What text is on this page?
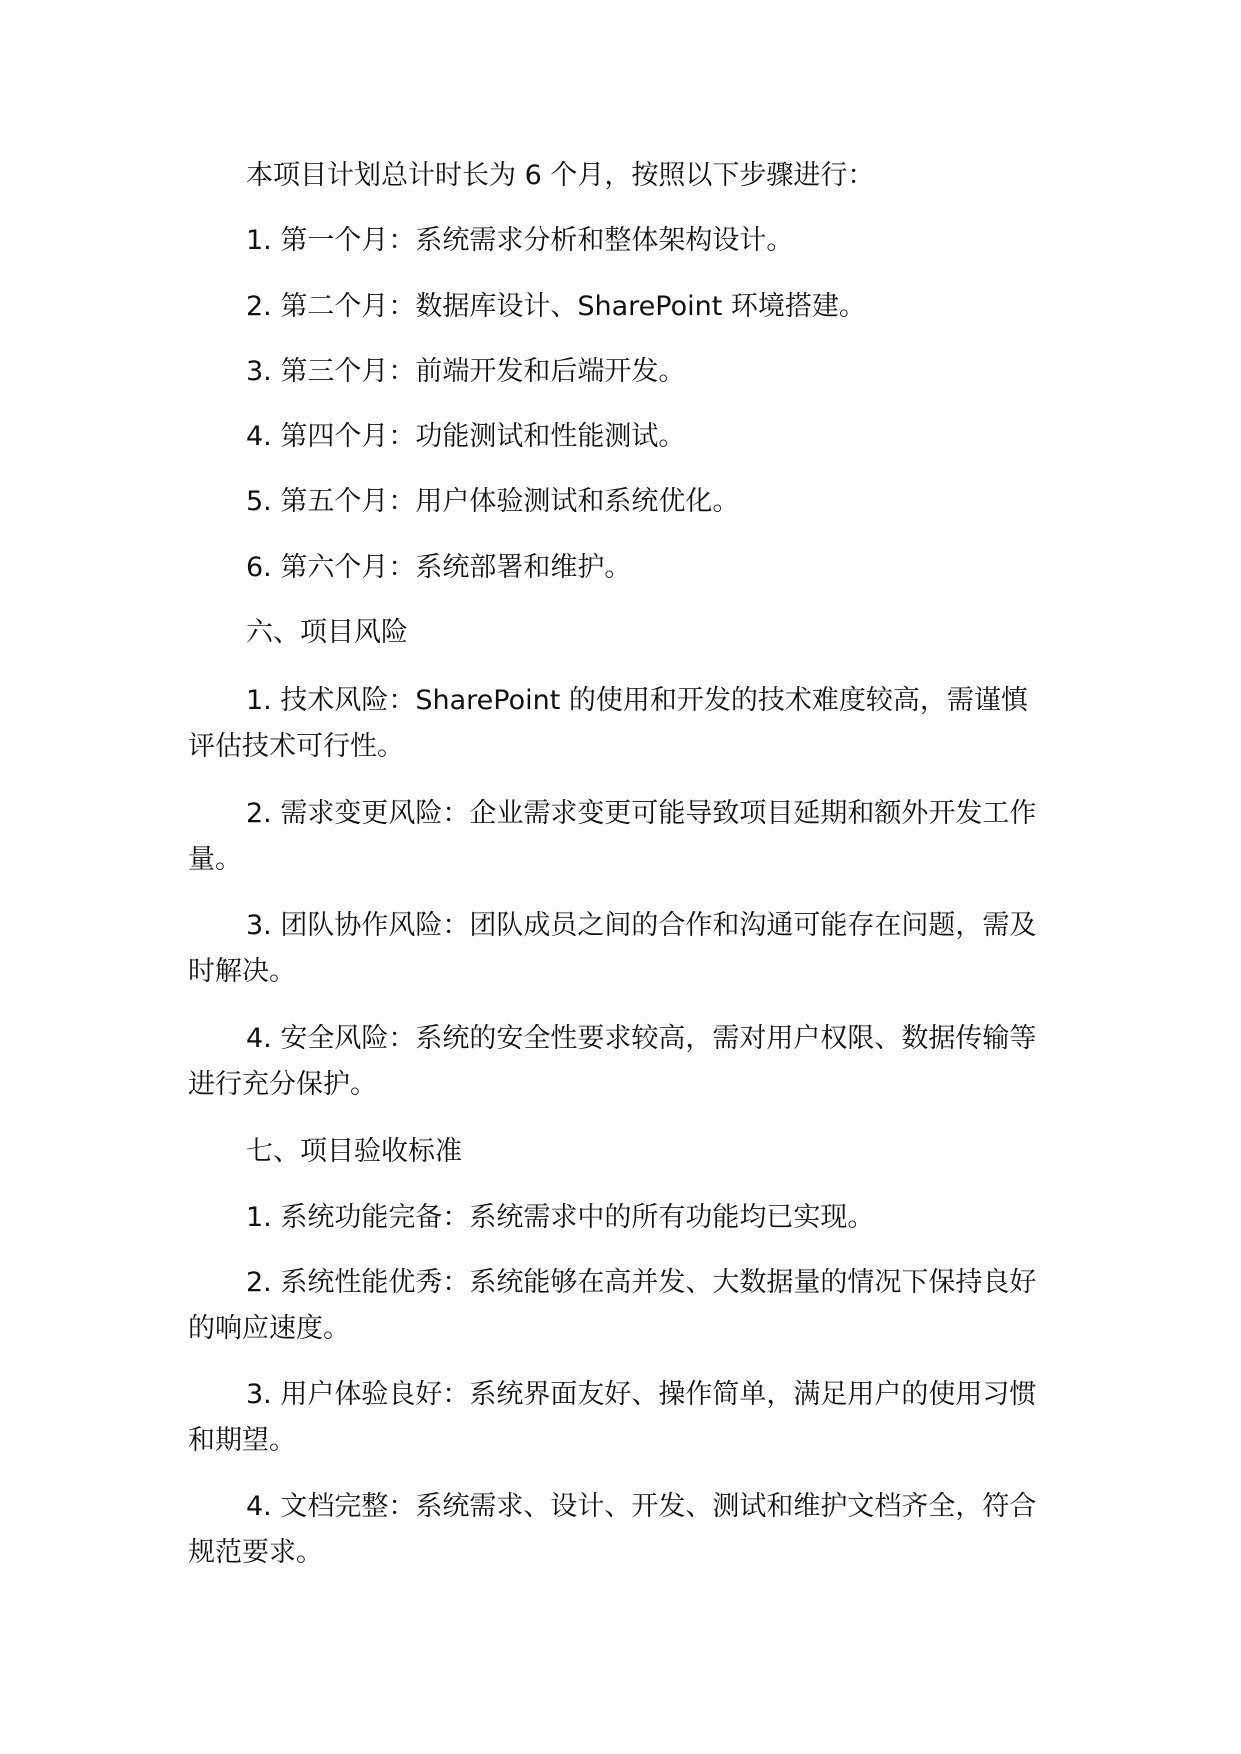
本项目计划总计时长为 6 个月，按照以下步骤进行：

1. 第一个月：系统需求分析和整体架构设计。

2. 第二个月：数据库设计、SharePoint 环境搭建。

3. 第三个月：前端开发和后端开发。

4. 第四个月：功能测试和性能测试。

5. 第五个月：用户体验测试和系统优化。

6. 第六个月：系统部署和维护。

六、项目风险

1. 技术风险：SharePoint 的使用和开发的技术难度较高，需谨慎评估技术可行性。

2. 需求变更风险：企业需求变更可能导致项目延期和额外开发工作量。

3. 团队协作风险：团队成员之间的合作和沟通可能存在问题，需及时解决。

4. 安全风险：系统的安全性要求较高，需对用户权限、数据传输等进行充分保护。

七、项目验收标准

1. 系统功能完备：系统需求中的所有功能均已实现。

2. 系统性能优秀：系统能够在高并发、大数据量的情况下保持良好的响应速度。

3. 用户体验良好：系统界面友好、操作简单，满足用户的使用习惯和期望。

4. 文档完整：系统需求、设计、开发、测试和维护文档齐全，符合规范要求。
